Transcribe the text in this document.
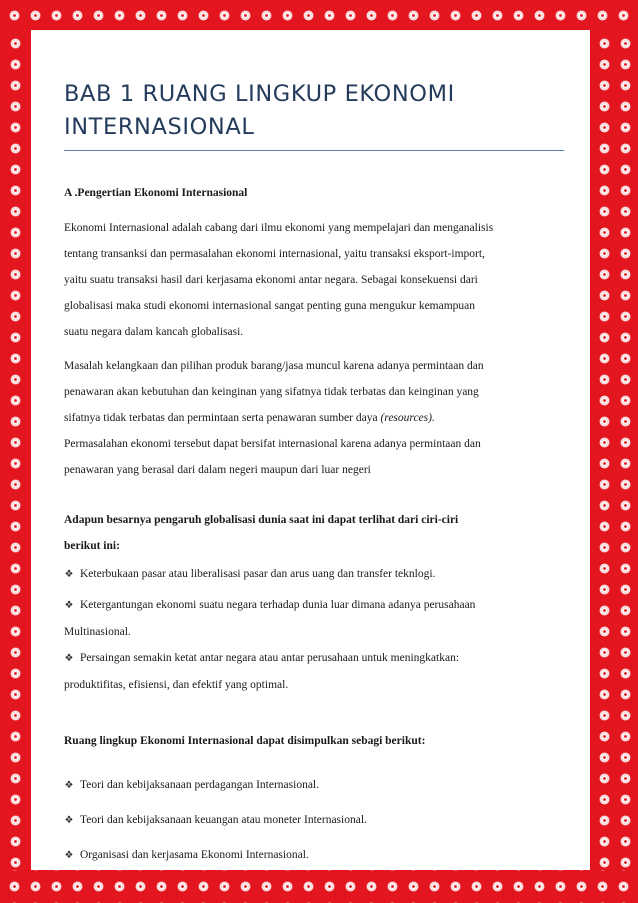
BAB 1 RUANG LINGKUP EKONOMI
INTERNASIONAL

A .Pengertian Ekonomi Internasional

Ekonomi Internasional adalah cabang dari ilmu ekonomi yang mempelajari dan menganalisis

tentang transanksi dan permasalahan ekonomi internasional, yaitu transaksi eksport-import,

yaitu suatu transaksi hasil dari kerjasama ekonomi antar negara. Sebagai konsekuensi dari

globalisasi maka studi ekonomi internasional sangat penting guna mengukur kemampuan

suatu negara dalam kancah globalisasi.

Masalah kelangkaan dan pilihan produk barang/jasa muncul karena adanya permintaan dan

penawaran akan kebutuhan dan keinginan yang sifatnya tidak terbatas dan keinginan yang

sifatnya tidak terbatas dan permintaan serta penawaran sumber daya (resources).

Permasalahan ekonomi tersebut dapat bersifat internasional karena adanya permintaan dan

penawaran yang berasal dari dalam negeri maupun dari luar negeri

Adapun besarnya pengaruh globalisasi dunia saat ini dapat terlihat dari ciri-ciri

berikut ini:

❖ Keterbukaan pasar atau liberalisasi pasar dan arus uang dan transfer teknlogi.

❖ Ketergantungan ekonomi suatu negara terhadap dunia luar dimana adanya perusahaan

Multinasional.

❖ Persaingan semakin ketat antar negara atau antar perusahaan untuk meningkatkan:

produktifitas, efisiensi, dan efektif yang optimal.

Ruang lingkup Ekonomi Internasional dapat disimpulkan sebagi berikut:

❖ Teori dan kebijaksanaan perdagangan Internasional.

❖ Teori dan kebijaksanaan keuangan atau moneter Internasional.

❖ Organisasi dan kerjasama Ekonomi Internasional.
